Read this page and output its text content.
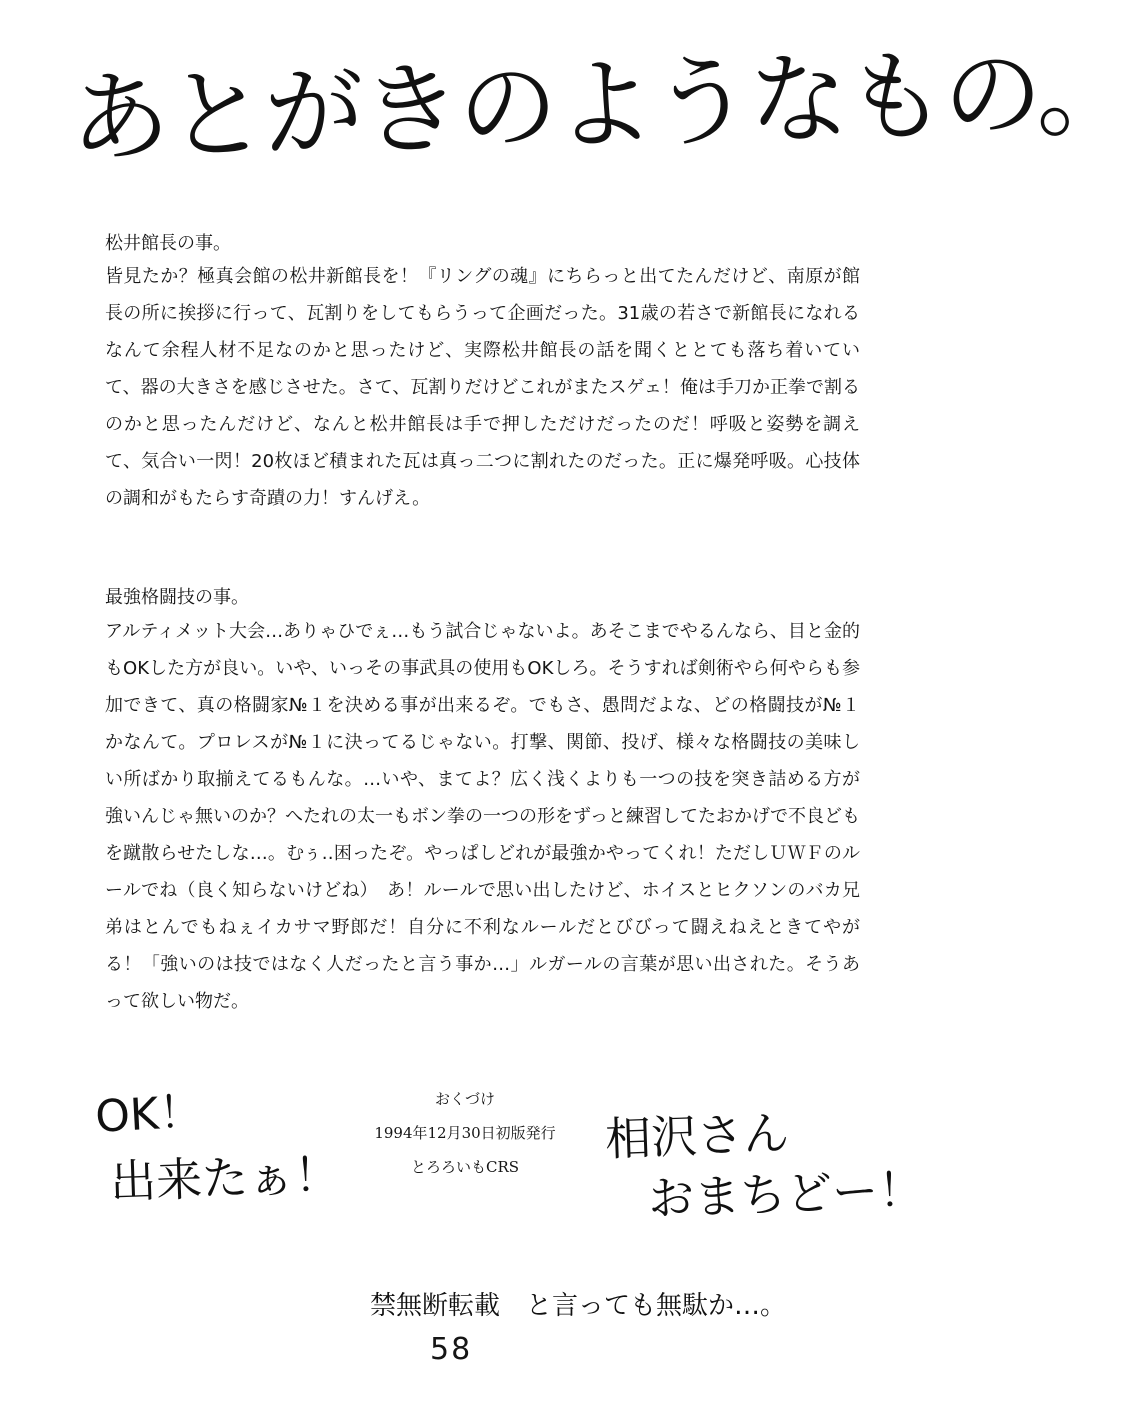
あとがきのようなもの。
松井館長の事。

皆見たか？極真会館の松井新館長を！『リングの魂』にちらっと出てたんだけど、南原が館長の所に挨拶に行って、瓦割りをしてもらうって企画だった。31歳の若さで新館長になれるなんて余程人材不足なのかと思ったけど、実際松井館長の話を聞くととても落ち着いていて、器の大きさを感じさせた。さて、瓦割りだけどこれがまたスゲェ！俺は手刀か正拳で割るのかと思ったんだけど、なんと松井館長は手で押しただけだったのだ！呼吸と姿勢を調えて、気合い一閃！20枚ほど積まれた瓦は真っ二つに割れたのだった。正に爆発呼吸。心技体の調和がもたらす奇蹟の力！すんげえ。

最強格闘技の事。

アルティメット大会…ありゃひでぇ…もう試合じゃないよ。あそこまでやるんなら、目と金的もOKした方が良い。いや、いっその事武具の使用もOKしろ。そうすれば剣術やら何やらも参加できて、真の格闘家№１を決める事が出来るぞ。でもさ、愚問だよな、どの格闘技が№１かなんて。プロレスが№１に決ってるじゃない。打撃、関節、投げ、様々な格闘技の美味しい所ばかり取揃えてるもんな。…いや、まてよ？広く浅くよりも一つの技を突き詰める方が強いんじゃ無いのか？へたれの太一もボン拳の一つの形をずっと練習してたおかげで不良どもを蹴散らせたしな…。むぅ‥困ったぞ。やっぱしどれが最強かやってくれ！ただしＵＷＦのルールでね（良く知らないけどね）　あ！ルールで思い出したけど、ホイスとヒクソンのバカ兄弟はとんでもねぇイカサマ野郎だ！自分に不利なルールだとびびって闘えねえときてやがる！「強いのは技ではなく人だったと言う事か…」ルガールの言葉が思い出された。そうあって欲しい物だ。

OK！
出来たぁ！
おくづけ
1994年12月30日初版発行
とろろいもCRS
相沢さん
おまちどー！
禁無断転載　と言っても無駄か…。
58
